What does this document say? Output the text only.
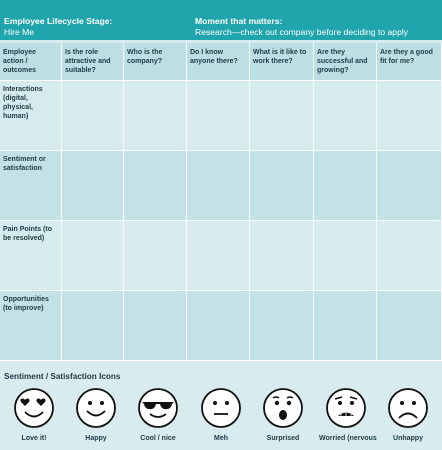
Employee Lifecycle Stage:
Hire Me
Moment that matters:
Research—check out company before deciding to apply
Employee action / outcomes	Is the role attractive and suitable?	Who is the company?	Do I know anyone there?	What is it like to work there?	Are they successful and growing?	Are they a good fit for me?
Interactions (digital, physical, human)						
Sentiment or satisfaction						
Pain Points (to be resolved)						
Opportunities (to improve)						
Sentiment / Satisfaction Icons
Love it!	Happy	Cool / nice	Meh	Surprised	Worried (nervous	Unhappy
